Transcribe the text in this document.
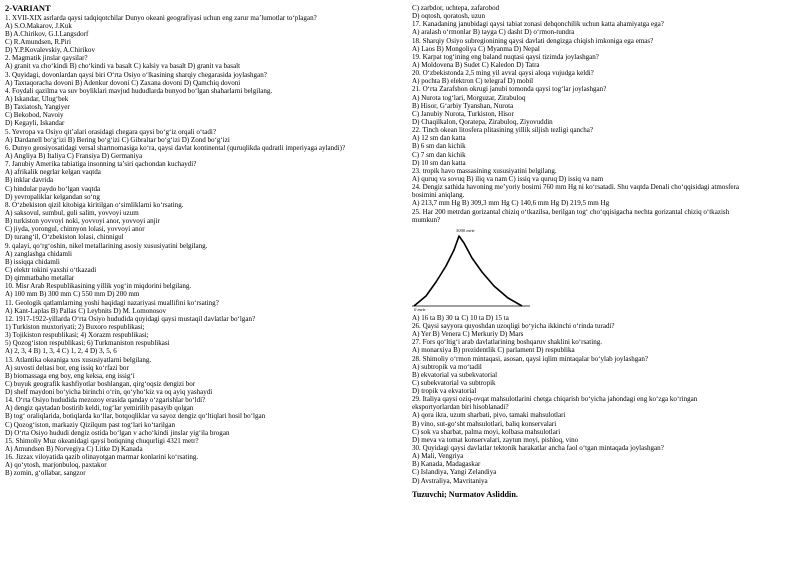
2-VARIANT
1. XVII-XIX asrlarda qaysi tadqiqotchilar Dunyo okeani geografiyasi uchun eng zarur ma’lumotlar to‘plagan?
A) S.O.Makarov, J.Kuk
B) A.Chirikov, G.I.Langsdorf
C) R.Amundsen, R.Piri
D) Y.P.Kovalevskiy, A.Chirikov
2. Magmatik jinslar qaysilar?
A) granit va cho‘kindi B) cho‘kindi va basalt C) kalsiy va basalt D) granit va basalt
3. Quyidagi, dovonlardan qaysi biri O‘rta Osiyo o‘lkasining sharqiy chegarasida joylashgan?
A) Taxtaqoracha dovoni B) Adenkur dovoni C) Zaxana dovoni D) Qamchiq dovoni
4. Foydali qazilma va suv boyliklari mavjud hududlarda bunyod bo‘lgan shaharlarni belgilang.
A) Iskandar, Ulug‘bek
B) Taxiatosh, Yangiyer
C) Bekobod, Navoiy
D) Kegayli, Iskandar
5. Yevropa va Osiyo qit’alari orasidagi chegara qaysi bo‘g‘iz orqali o‘tadi?
A) Dardanell bo‘g‘izi B) Bering bo‘g‘izi C) Gibraltar bo‘g‘izi D) Zond bo‘g‘izi
6. Dunyo geosiyosatidagi versal shartnomasiga ko‘ra, qaysi davlat kontinental (quruqlikda qudratli imperiyaga aylandi)?
A) Angliya B) Italiya C) Fransiya D) Germaniya
7. Janubiy Amerika tabiatiga insonning ta’siri qachondan kuchaydi?
A) afrikalik negrlar kelgan vaqtda
B) inklar davrida
C) hindular paydo bo‘lgan vaqtda
D) yevropaliklar kelgandan so‘ng
8. O‘zbekiston qizil kitobiga kiritilgan o‘simliklarni ko‘rsating.
A) saksovul, sumbul, guli salim, yovvoyi uzum
B) turkiston yovvoyi noki, yovvoyi anor, yovvoyi anjir
C) jiyda, yorongul, chinnyon lolasi, yovvoyi anor
D) turang‘il, O‘zbekiston lolasi, chinnigul
9. qalayi, qo‘rg‘oshin, nikel metallarining asosiy xususiyatini belgilang.
A) zanglashga chidamli
B) issiqqa chidamli
C) elektr tokini yaxshi o‘tkazadi
D) qimmatbaho metallar
10. Misr Arab Respublikasining yillik yog‘in miqdorini belgilang.
A) 100 mm B) 300 mm C) 550 mm D) 200 mm
11. Geologik qatlamlarning yoshi haqidagi nazariyasi muallifini ko‘rsating?
A) Kant-Laplas B) Pallas C) Leybnits D) M. Lomonosov
12. 1917-1922-yillarda O‘rta Osiyo hududida quyidagi qaysi mustaqil davlatlar bo‘lgan?
1) Turkiston muxtoriyati; 2) Buxoro respublikasi;
3) Tojikiston respublikasi; 4) Xorazm respublikasi;
5) Qozog‘iston respublikasi; 6) Turkmaniston respublikasi
A) 2, 3, 4 B) 1, 3, 4 C) 1, 2, 4 D) 3, 5, 6
13. Atlantika okeaniga xos xususiyatlarni belgilang.
A) suvosti deltasi bor, eng issiq ko‘rfazi bor
B) biomassaga eng boy, eng keksa, eng issig‘i
C) buyuk geografik kashfiyotlar boshlangan, qirg‘oqsiz dengizi bor
D) shelf maydoni bo‘yicha birinchi o‘rin, qo‘yho‘kiz va oq ayiq yashaydi
14. O‘rta Osiyo hududida mezozoy erasida qanday o‘zgarishlar bo‘ldi?
A) dengiz qaytadan bostirib keldi, tog‘lar yemirilib pasayib qolgan
B) tog‘ oraliqlarida, botiqlarda ko‘llar, botqoqliklar va sayoz dengiz qo‘ltiqlari hosil bo‘lgan
C) Qozog‘iston, markaziy Qizilqum past tog‘lari ko‘tarilgan
D) O‘rta Osiyo hududi dengiz ostida bo‘lgan v acho‘kindi jinslar yig‘ila brogan
15. Shimoliy Muz okeanidagi qaysi botiqning chuqurligi 4321 metr?
A) Amundsen B) Norvegiya C) Litke D) Kanada
16. Jizzax viloyatida qazib olinayotgan marmar konlarini ko‘rsating.
A) qo‘ytosh, marjonbuloq, paxtakor
B) zomin, g‘ollabar, sangzor
C) zarbdor, uchtepa, zafarobod
D) oqtosh, qoratosh, uzun
17. Kanadaning janubidagi qaysi tabiat zonasi dehqonchilik uchun katta ahamiyatga ega?
A) aralash o‘rmonlar B) tayga C) dasht D) o‘rmon-tundra
18. Sharqiy Osiyo subregionining qaysi davlati dengizga chiqish imkoniga ega emas?
A) Laos B) Mongoliya C) Myanma D) Nepal
19. Karpat tog‘ining eng baland nuqtasi qaysi tizimda joylashgan?
A) Moldovena B) Sudet C) Kaledon D) Tatra
20. O‘zbekistonda 2,5 ming yil avval qaysi aloqa vujudga keldi?
A) pochta B) elektron C) telegraf D) mobil
21. O‘rta Zarafshon okrugi janubi tomonda qaysi tog‘lar joylashgan?
A) Nurota tog‘lari, Morguzar, Zirabuloq
B) Hisor, G‘arbiy Tyanshan, Nurota
C) Janubiy Nurota, Turkiston, Hisor
D) Chaqilkalon, Qoratepa, Zirabuloq, Ziyovuddin
22. Tinch okean litosfera plitasining yillik siljish tezligi qancha?
A) 12 sm dan katta
B) 6 sm dan kichik
C) 7 sm dan kichik
D) 10 sm dan katta
23. tropik havo massasining xususiyatini belgilang.
A) quruq va sovuq B) iliq va nam C) issiq va quruq D) issiq va nam
24. Dengiz sathida havoning me’yoriy bosimi 760 mm Hg ni ko‘rsatadi. Shu vaqtda Denali cho‘qqisidagi atmosfera
bosimini aniqlang.
A) 213,7 mm Hg B) 309,3 mm Hg C) 140,6 mm Hg D) 219,5 mm Hg
25. Har 200 metrdan gorizantal chiziq o‘tkazilsa, berilgan tog‘ cho‘qqisigacha nechta gorizantal chiziq o‘tkazish
mumkun?
3000 metr
0 metr
A) 16 ta B) 30 ta C) 10 ta D) 15 ta
26. Qaysi sayyora quyoshdan uzoqligi bo‘yicha ikkinchi o‘rinda turadi?
A) Yer B) Venera C) Merkuriy D) Mars
27. Fors qo‘ltig‘i arab davlatlarining boshqaruv shaklini ko‘rsating.
A) monarxiya B) prezidentlik C) parlament D) respublika
28. Shimoliy o‘rmon mintaqasi, asosan, qaysi iqlim mintaqalar bo‘ylab joylashgan?
A) subtropik va mo‘tadil
B) ekvatorial va subekvatorial
C) subekvatorial va subtropik
D) tropik va ekvatorial
29. Italiya qaysi oziq-ovqat mahsulotlarini chetga chiqarish bo‘yicha jahondagi eng ko‘zga ko‘ringan
eksportyorlardan biri hisoblanadi?
A) qora ikra, uzum sharbati, pivo, tamaki mahsulotlari
B) vino, sut-go‘sht mahsulotlari, baliq konservalari
C) sok va sharbat, palma moyi, kolbasa mahsulotlari
D) meva va tomat konservalari, zaytun moyi, pishloq, vino
30. Quyidagi qaysi davlatlar tektonik harakatlar ancha faol o‘tgan mintaqada joylashgan?
A) Mali, Vengriya
B) Kanada, Madagaskar
C) Islandiya, Yangi Zelandiya
D) Avstraliya, Mavritaniya
Tuzuvchi; Nurmatov Asliddin.
